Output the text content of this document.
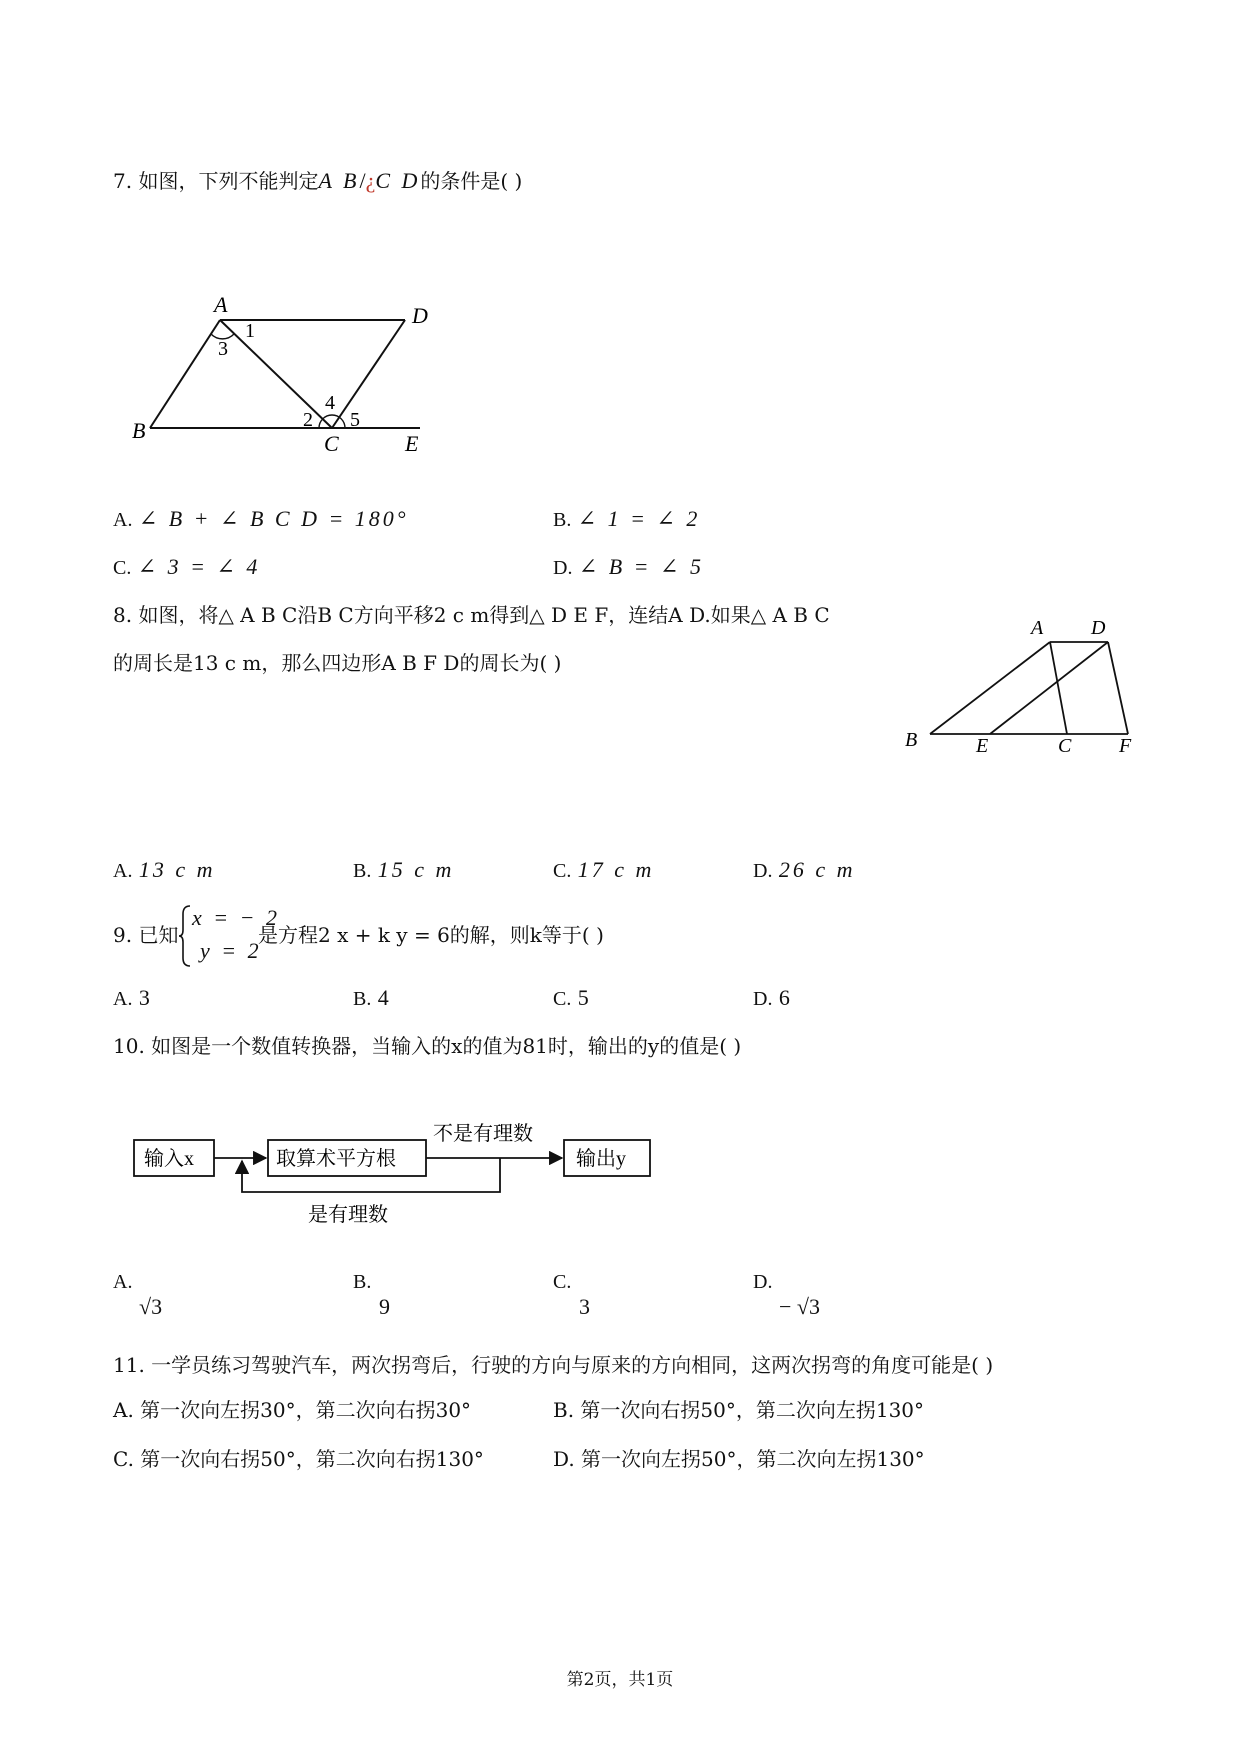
7. 如图，下列不能判定A B/¿C D的条件是( )
A	D
B
C	E
1
3
4
2 5
A. ∠ B + ∠ B C D = 180°	B. ∠ 1 = ∠ 2
C. ∠ 3 = ∠ 4	D. ∠ B = ∠ 5
8. 如图，将△ A B C沿B C方向平移2 c m得到△ D E F，连结A D.如果△ A B C
的周长是13 c m，那么四边形A B F D的周长为( )
A D
B	E	C F
A. 13 c m	B. 15 c m	C. 17 c m	D. 26 c m
9. 已知
x = − 2
y = 2
是方程2 x + k y = 6的解，则k等于( )
A. 3	B. 4	C. 5	D. 6
10. 如图是一个数值转换器，当输入的x的值为81时，输出的y的值是( )
输入x	取算术平方根
不是有理数
输出y
是有理数
A.
√3
B.
9
C.
3
D.
− √3
11. 一学员练习驾驶汽车，两次拐弯后，行驶的方向与原来的方向相同，这两次拐弯的角度可能是( )
A. 第一次向左拐30°，第二次向右拐30°	B. 第一次向右拐50°，第二次向左拐130°
C. 第一次向右拐50°，第二次向右拐130°	D. 第一次向左拐50°，第二次向左拐130°
第2页，共1页
